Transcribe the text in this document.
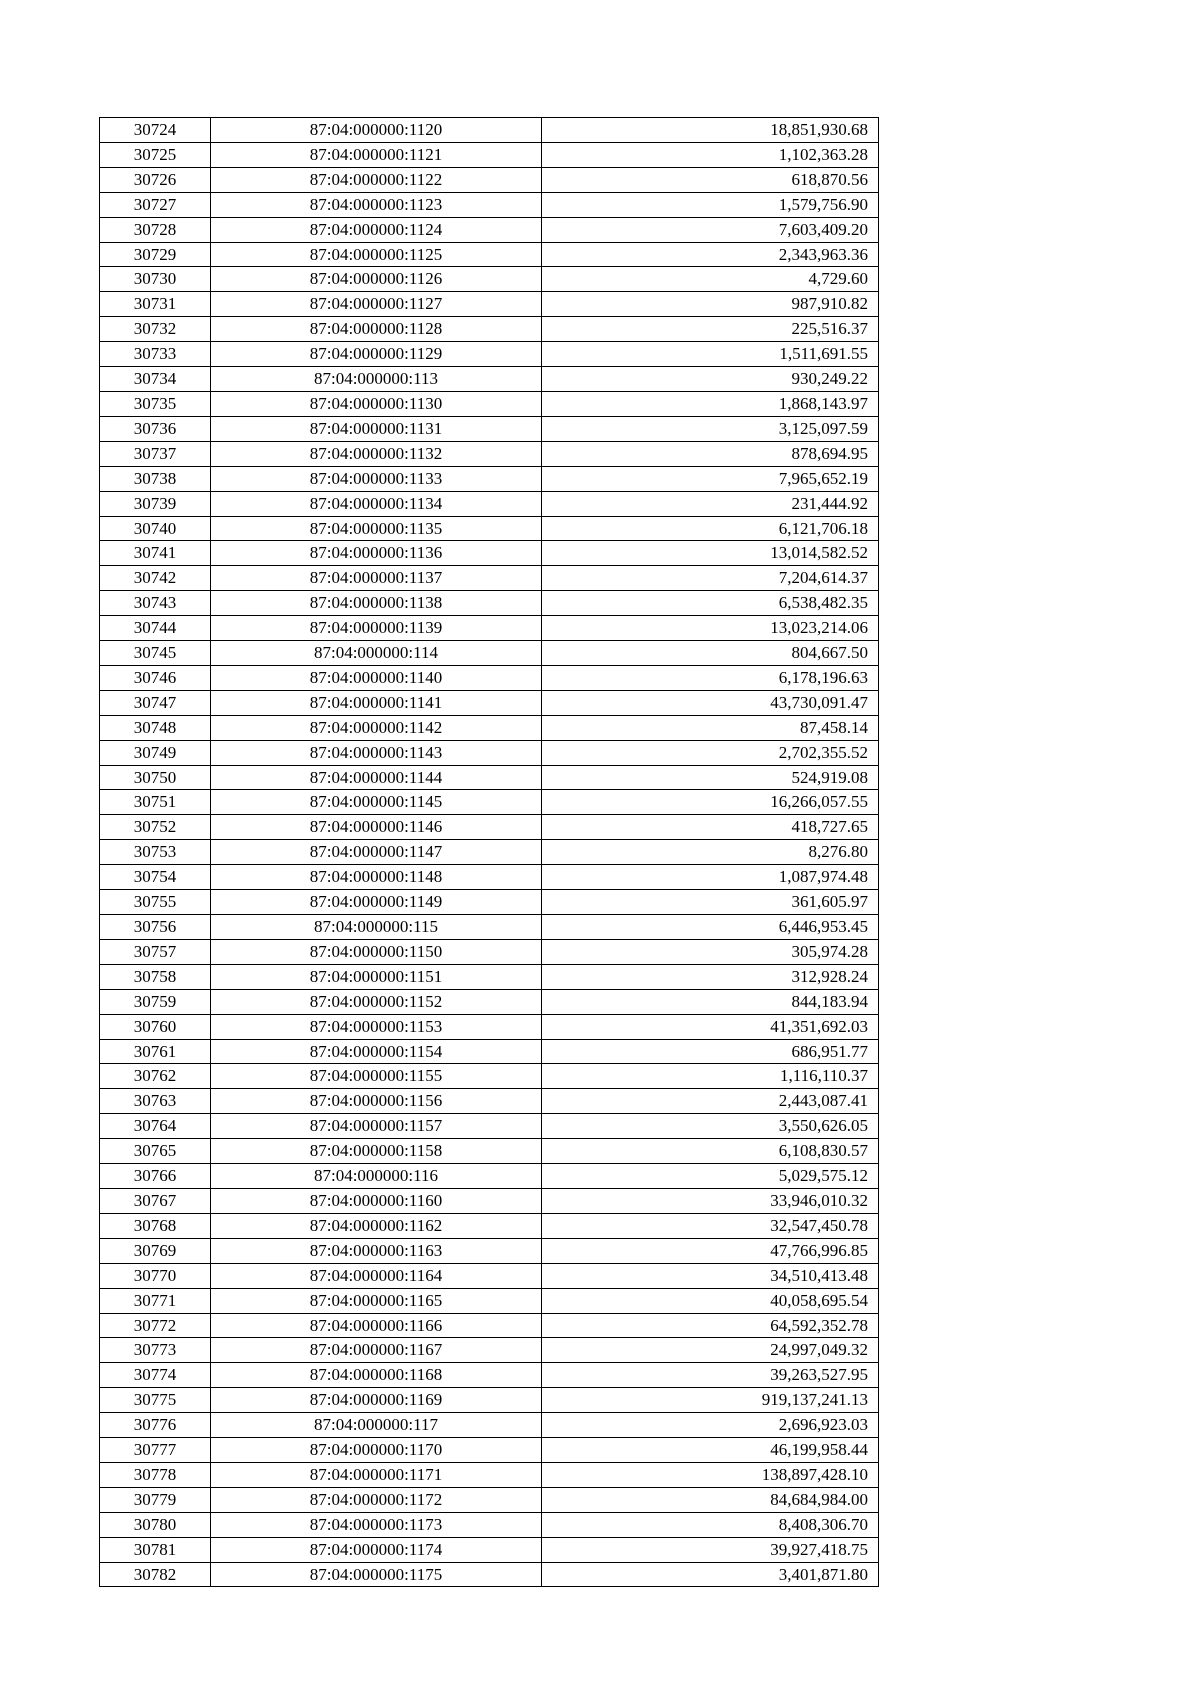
30724	87:04:000000:1120	18,851,930.68
30725	87:04:000000:1121	1,102,363.28
30726	87:04:000000:1122	618,870.56
30727	87:04:000000:1123	1,579,756.90
30728	87:04:000000:1124	7,603,409.20
30729	87:04:000000:1125	2,343,963.36
30730	87:04:000000:1126	4,729.60
30731	87:04:000000:1127	987,910.82
30732	87:04:000000:1128	225,516.37
30733	87:04:000000:1129	1,511,691.55
30734	87:04:000000:113	930,249.22
30735	87:04:000000:1130	1,868,143.97
30736	87:04:000000:1131	3,125,097.59
30737	87:04:000000:1132	878,694.95
30738	87:04:000000:1133	7,965,652.19
30739	87:04:000000:1134	231,444.92
30740	87:04:000000:1135	6,121,706.18
30741	87:04:000000:1136	13,014,582.52
30742	87:04:000000:1137	7,204,614.37
30743	87:04:000000:1138	6,538,482.35
30744	87:04:000000:1139	13,023,214.06
30745	87:04:000000:114	804,667.50
30746	87:04:000000:1140	6,178,196.63
30747	87:04:000000:1141	43,730,091.47
30748	87:04:000000:1142	87,458.14
30749	87:04:000000:1143	2,702,355.52
30750	87:04:000000:1144	524,919.08
30751	87:04:000000:1145	16,266,057.55
30752	87:04:000000:1146	418,727.65
30753	87:04:000000:1147	8,276.80
30754	87:04:000000:1148	1,087,974.48
30755	87:04:000000:1149	361,605.97
30756	87:04:000000:115	6,446,953.45
30757	87:04:000000:1150	305,974.28
30758	87:04:000000:1151	312,928.24
30759	87:04:000000:1152	844,183.94
30760	87:04:000000:1153	41,351,692.03
30761	87:04:000000:1154	686,951.77
30762	87:04:000000:1155	1,116,110.37
30763	87:04:000000:1156	2,443,087.41
30764	87:04:000000:1157	3,550,626.05
30765	87:04:000000:1158	6,108,830.57
30766	87:04:000000:116	5,029,575.12
30767	87:04:000000:1160	33,946,010.32
30768	87:04:000000:1162	32,547,450.78
30769	87:04:000000:1163	47,766,996.85
30770	87:04:000000:1164	34,510,413.48
30771	87:04:000000:1165	40,058,695.54
30772	87:04:000000:1166	64,592,352.78
30773	87:04:000000:1167	24,997,049.32
30774	87:04:000000:1168	39,263,527.95
30775	87:04:000000:1169	919,137,241.13
30776	87:04:000000:117	2,696,923.03
30777	87:04:000000:1170	46,199,958.44
30778	87:04:000000:1171	138,897,428.10
30779	87:04:000000:1172	84,684,984.00
30780	87:04:000000:1173	8,408,306.70
30781	87:04:000000:1174	39,927,418.75
30782	87:04:000000:1175	3,401,871.80
